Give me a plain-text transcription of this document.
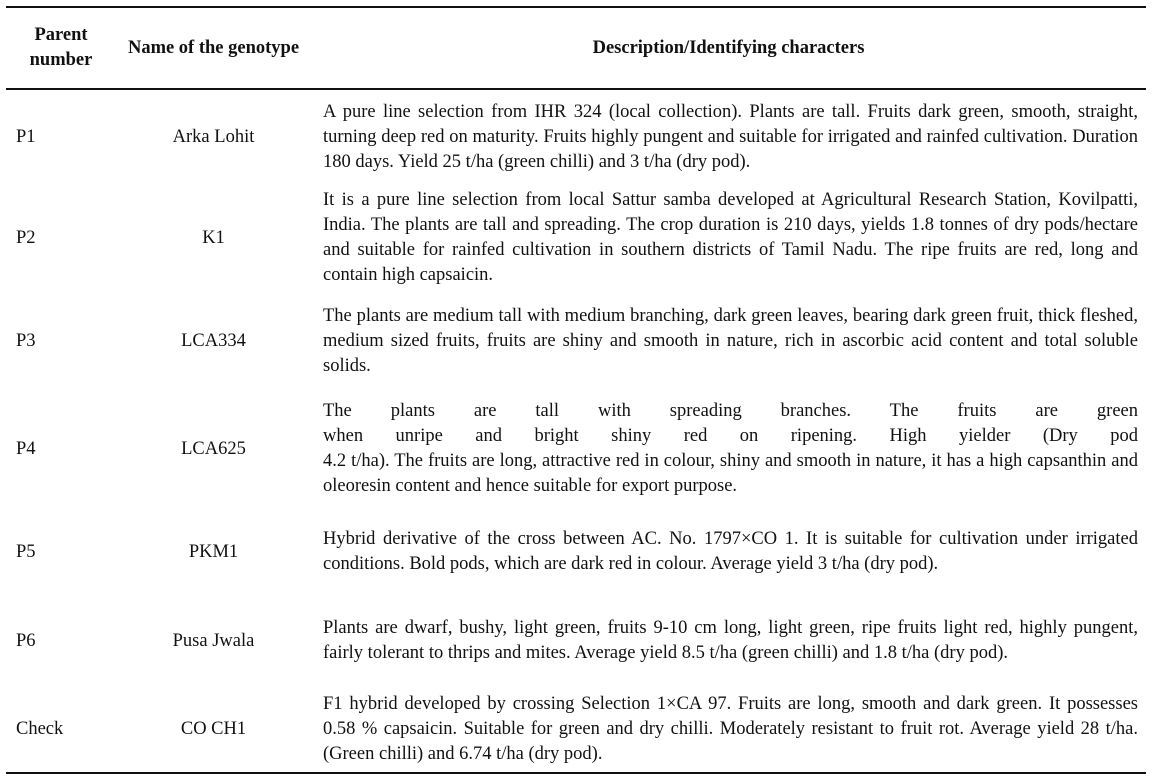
Parent number	Name of the genotype	Description/Identifying characters
P1	Arka Lohit	A pure line selection from IHR 324 (local collection). Plants are tall. Fruits dark green, smooth, straight, turning deep red on maturity. Fruits highly pungent and suitable for irrigated and rainfed cultivation. Duration 180 days. Yield 25 t/ha (green chilli) and 3 t/ha (dry pod).
P2	K1	It is a pure line selection from local Sattur samba developed at Agricultural Research Station, Kovilpatti, India. The plants are tall and spreading. The crop duration is 210 days, yields 1.8 tonnes of dry pods/hectare and suitable for rainfed cultivation in southern districts of Tamil Nadu. The ripe fruits are red, long and contain high capsaicin.
P3	LCA334	The plants are medium tall with medium branching, dark green leaves, bearing dark green fruit, thick fleshed, medium sized fruits, fruits are shiny and smooth in nature, rich in ascorbic acid content and total soluble solids.
P4	LCA625	The plants are tall with spreading branches. The fruits are green
when unripe and bright shiny red on ripening. High yielder (Dry pod
4.2 t/ha). The fruits are long, attractive red in colour, shiny and smooth in nature, it has a high capsanthin and oleoresin content and hence suitable for export purpose.

P5	PKM1	Hybrid derivative of the cross between AC. No. 1797×CO 1. It is suitable for cultivation under irrigated conditions. Bold pods, which are dark red in colour. Average yield 3 t/ha (dry pod).
P6	Pusa Jwala	Plants are dwarf, bushy, light green, fruits 9-10 cm long, light green, ripe fruits light red, highly pungent, fairly tolerant to thrips and mites. Average yield 8.5 t/ha (green chilli) and 1.8 t/ha (dry pod).
Check	CO CH1	F1 hybrid developed by crossing Selection 1×CA 97. Fruits are long, smooth and dark green. It possesses 0.58 % capsaicin. Suitable for green and dry chilli. Moderately resistant to fruit rot. Average yield 28 t/ha. (Green chilli) and 6.74 t/ha (dry pod).
